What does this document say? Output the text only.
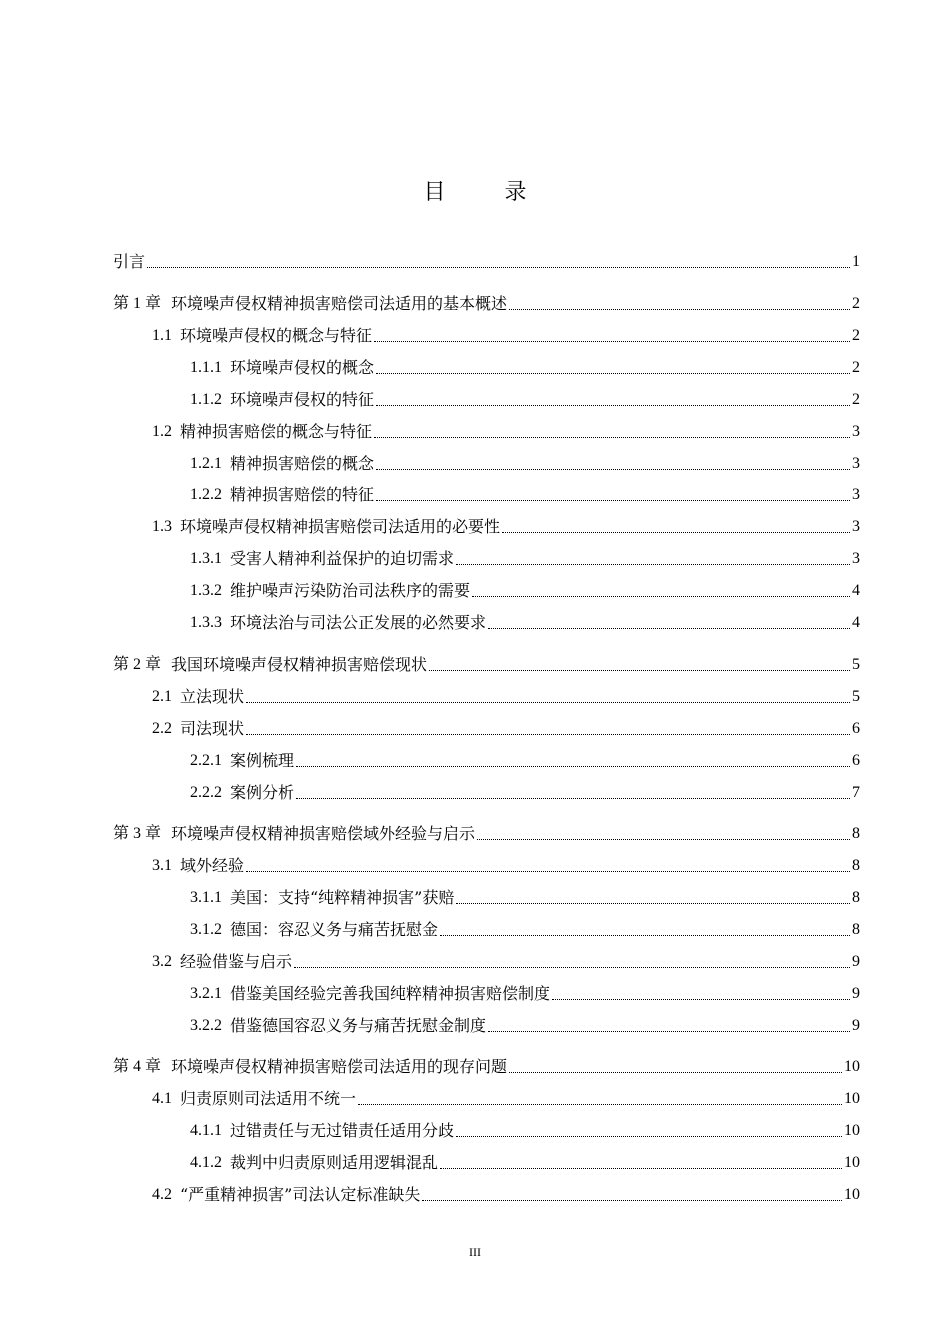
目 录
引言	1
第 1 章 环境噪声侵权精神损害赔偿司法适用的基本概述	2
1.1 环境噪声侵权的概念与特征	2
1.1.1 环境噪声侵权的概念	2
1.1.2 环境噪声侵权的特征	2
1.2 精神损害赔偿的概念与特征	3
1.2.1 精神损害赔偿的概念	3
1.2.2 精神损害赔偿的特征	3
1.3 环境噪声侵权精神损害赔偿司法适用的必要性	3
1.3.1 受害人精神利益保护的迫切需求	3
1.3.2 维护噪声污染防治司法秩序的需要	4
1.3.3 环境法治与司法公正发展的必然要求	4
第 2 章 我国环境噪声侵权精神损害赔偿现状	5
2.1 立法现状	5
2.2 司法现状	6
2.2.1 案例梳理	6
2.2.2 案例分析	7
第 3 章 环境噪声侵权精神损害赔偿域外经验与启示	8
3.1 域外经验	8
3.1.1 美国：支持“纯粹精神损害”获赔	8
3.1.2 德国：容忍义务与痛苦抚慰金	8
3.2 经验借鉴与启示	9
3.2.1 借鉴美国经验完善我国纯粹精神损害赔偿制度	9
3.2.2 借鉴德国容忍义务与痛苦抚慰金制度	9
第 4 章 环境噪声侵权精神损害赔偿司法适用的现存问题	10
4.1 归责原则司法适用不统一	10
4.1.1 过错责任与无过错责任适用分歧	10
4.1.2 裁判中归责原则适用逻辑混乱	10
4.2 “严重精神损害”司法认定标准缺失	10
III
